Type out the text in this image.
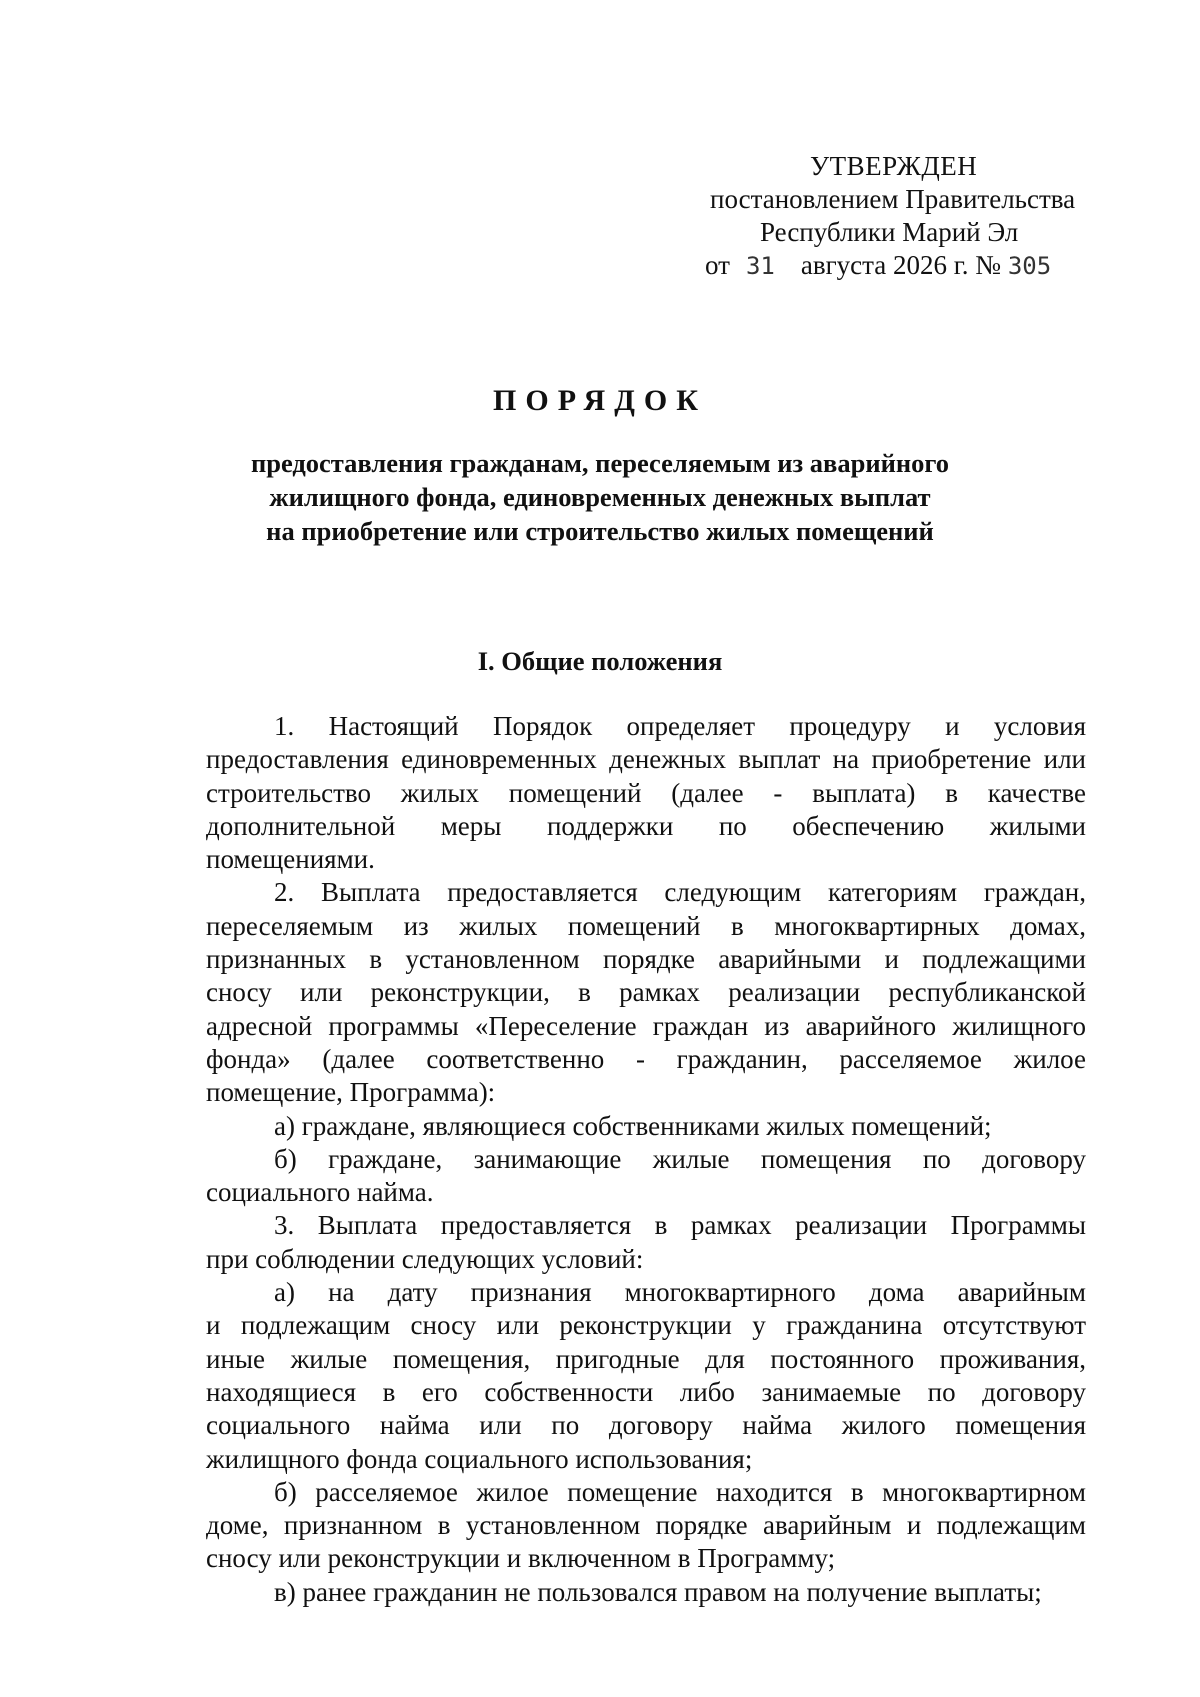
УТВЕРЖДЕН
постановлением Правительства
Республики Марий Эл
от 31 августа 2026 г. № 305
ПОРЯДОК
предоставления гражданам, переселяемым из аварийного
жилищного фонда, единовременных денежных выплат
на приобретение или строительство жилых помещений
I. Общие положения
1. Настоящий Порядок определяет процедуру и условия
предоставления единовременных денежных выплат на приобретение или
строительство жилых помещений (далее - выплата) в качестве
дополнительной меры поддержки по обеспечению жилыми
помещениями.
2. Выплата предоставляется следующим категориям граждан,
переселяемым из жилых помещений в многоквартирных домах,
признанных в установленном порядке аварийными и подлежащими
сносу или реконструкции, в рамках реализации республиканской
адресной программы «Переселение граждан из аварийного жилищного
фонда» (далее соответственно - гражданин, расселяемое жилое
помещение, Программа):
а) граждане, являющиеся собственниками жилых помещений;
б) граждане, занимающие жилые помещения по договору
социального найма.
3. Выплата предоставляется в рамках реализации Программы
при соблюдении следующих условий:
а) на дату признания многоквартирного дома аварийным
и подлежащим сносу или реконструкции у гражданина отсутствуют
иные жилые помещения, пригодные для постоянного проживания,
находящиеся в его собственности либо занимаемые по договору
социального найма или по договору найма жилого помещения
жилищного фонда социального использования;
б) расселяемое жилое помещение находится в многоквартирном
доме, признанном в установленном порядке аварийным и подлежащим
сносу или реконструкции и включенном в Программу;
в) ранее гражданин не пользовался правом на получение выплаты;
